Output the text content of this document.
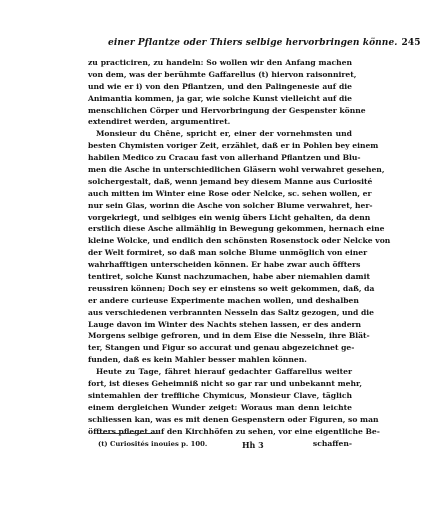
einer Pflantze oder Thiers selbige hervorbringen könne. 245
zu practiciren, zu handeln: So wollen wir den Anfang machen
von dem, was der berühmte Gaffarellus (t) hiervon raisonniret,
und wie er i) von den Pflantzen, und den Palingenesie auf die
Animantia kommen, ja gar, wie solche Kunst vielleicht auf die
menschlichen Cörper und Hervorbringung der Gespenster könne
extendiret werden, argumentiret.
Monsieur du Chêne, spricht er, einer der vornehmsten und
besten Chymisten voriger Zeit, erzählet, daß er in Pohlen bey einem
habilen Medico zu Cracau fast von allerhand Pflantzen und Blu-
men die Asche in unterschiedlichen Gläsern wohl verwahret gesehen,
solchergestalt, daß, wenn jemand bey diesem Manne aus Curiosité
auch mitten im Winter eine Rose oder Nelcke, sc. sehen wollen, er
nur sein Glas, worinn die Asche von solcher Blume verwahret, her-
vorgekriegt, und selbiges ein wenig übers Licht gehalten, da denn
erstlich diese Asche allmählig in Bewegung gekommen, hernach eine
kleine Wolcke, und endlich den schönsten Rosenstock oder Nelcke von
der Welt formiret, so daß man solche Blume unmöglich von einer
wahrhafftigen unterscheiden können. Er habe zwar auch öffters
tentiret, solche Kunst nachzumachen, habe aber niemahlen damit
reussiren können; Doch sey er einstens so weit gekommen, daß, da
er andere curieuse Experimente machen wollen, und deshalben
aus verschiedenen verbrannten Nesseln das Saltz gezogen, und die
Lauge davon im Winter des Nachts stehen lassen, er des andern
Morgens selbige gefroren, und in dem Eise die Nesseln, ihre Blät-
ter, Stangen und Figur so accurat und genau abgezeichnet ge-
funden, daß es kein Mahler besser mahlen können.
Heute zu Tage, fähret hierauf gedachter Gaffarellus weiter
fort, ist dieses Geheimniß nicht so gar rar und unbekannt mehr,
sintemahlen der treffliche Chymicus, Monsieur Clave, täglich
einem dergleichen Wunder zeiget: Woraus man denn leichte
schliessen kan, was es mit denen Gespenstern oder Figuren, so man
öffters pfleget auf den Kirchhöfen zu sehen, vor eine eigentliche Be-
schaffen-
(t) Curiosités inouies p. 100.	Hh 3
